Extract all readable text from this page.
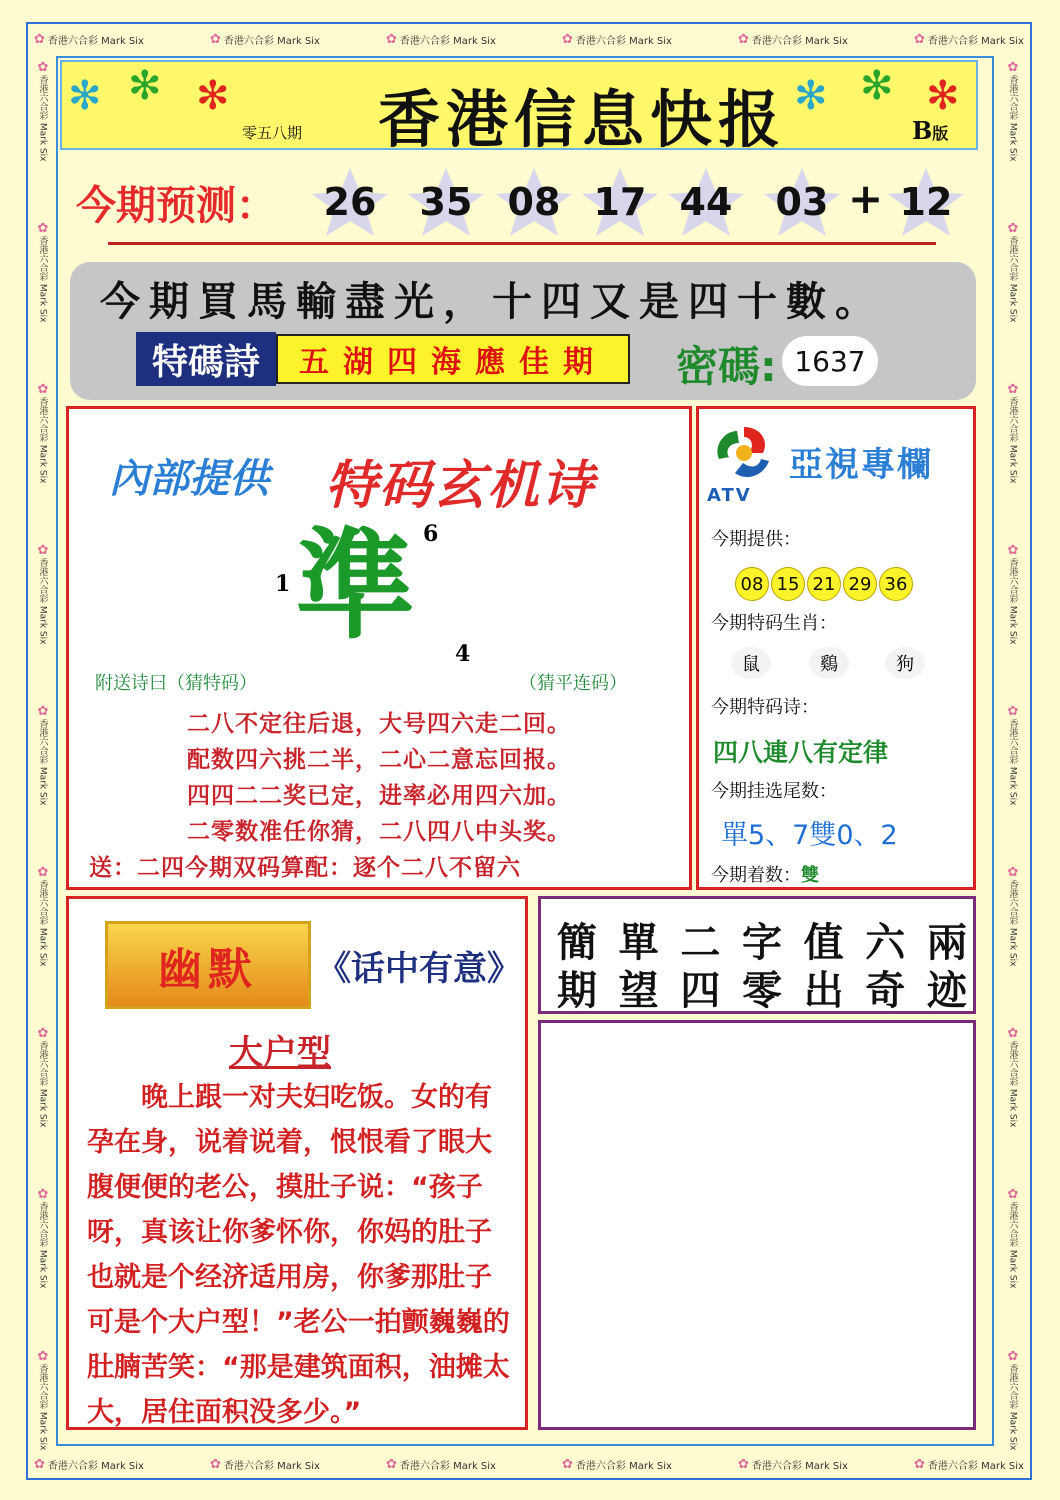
✿ 香港六合彩 Mark Six	✿ 香港六合彩 Mark Six	✿ 香港六合彩 Mark Six	✿ 香港六合彩 Mark Six	✿ 香港六合彩 Mark Six	✿ 香港六合彩 Mark Six
✿ 香港六合彩 Mark Six	✿ 香港六合彩 Mark Six	✿ 香港六合彩 Mark Six	✿ 香港六合彩 Mark Six	✿ 香港六合彩 Mark Six	✿ 香港六合彩 Mark Six
✿香港六合彩 Mark Six
✿香港六合彩 Mark Six
✿香港六合彩 Mark Six
✿香港六合彩 Mark Six
✿香港六合彩 Mark Six
✿香港六合彩 Mark Six
✿香港六合彩 Mark Six
✿香港六合彩 Mark Six
✿香港六合彩 Mark Six
✿香港六合彩 Mark Six
✿香港六合彩 Mark Six
✿香港六合彩 Mark Six
✿香港六合彩 Mark Six
✿香港六合彩 Mark Six
✿香港六合彩 Mark Six
✿香港六合彩 Mark Six
✿香港六合彩 Mark Six
✿香港六合彩 Mark Six
✻ ✻ ✻	✻ ✻ ✻
香港信息快报
零五八期	B版
今期预测： 26 35 08 17 44 03 + 12
今期買馬輸盡光，十四又是四十數。
特碼詩	五湖四海應佳期	密碼: 1637
內部提供 特码玄机诗
1 準 6
4
附送诗曰（猜特码）	（猜平连码）
二八不定往后退，大号四六走二回。
配数四六挑二半，二心二意忘回报。
四四二二奖已定，进率必用四六加。
二零数准任你猜，二八四八中头奖。
送：二四今期双码算配：逐个二八不留六
ATV
亞視專欄
今期提供：
08 15 21 29 36
今期特码生肖：
鼠	鷄	狗
今期特码诗：
四八連八有定律
今期挂选尾数：
單5、7雙0、2
今期着数：雙
幽默	《话中有意》
大户型
　　晚上跟一对夫妇吃饭。女的有孕在身，说着说着，恨恨看了眼大腹便便的老公，摸肚子说：“孩子呀，真该让你爹怀你，你妈的肚子也就是个经济适用房，你爹那肚子可是个大户型！”老公一拍颤巍巍的肚腩苦笑：“那是建筑面积，油摊太大，居住面积没多少。”
簡 單 二 字 值 六 兩
期 望 四 零 出 奇 迹
